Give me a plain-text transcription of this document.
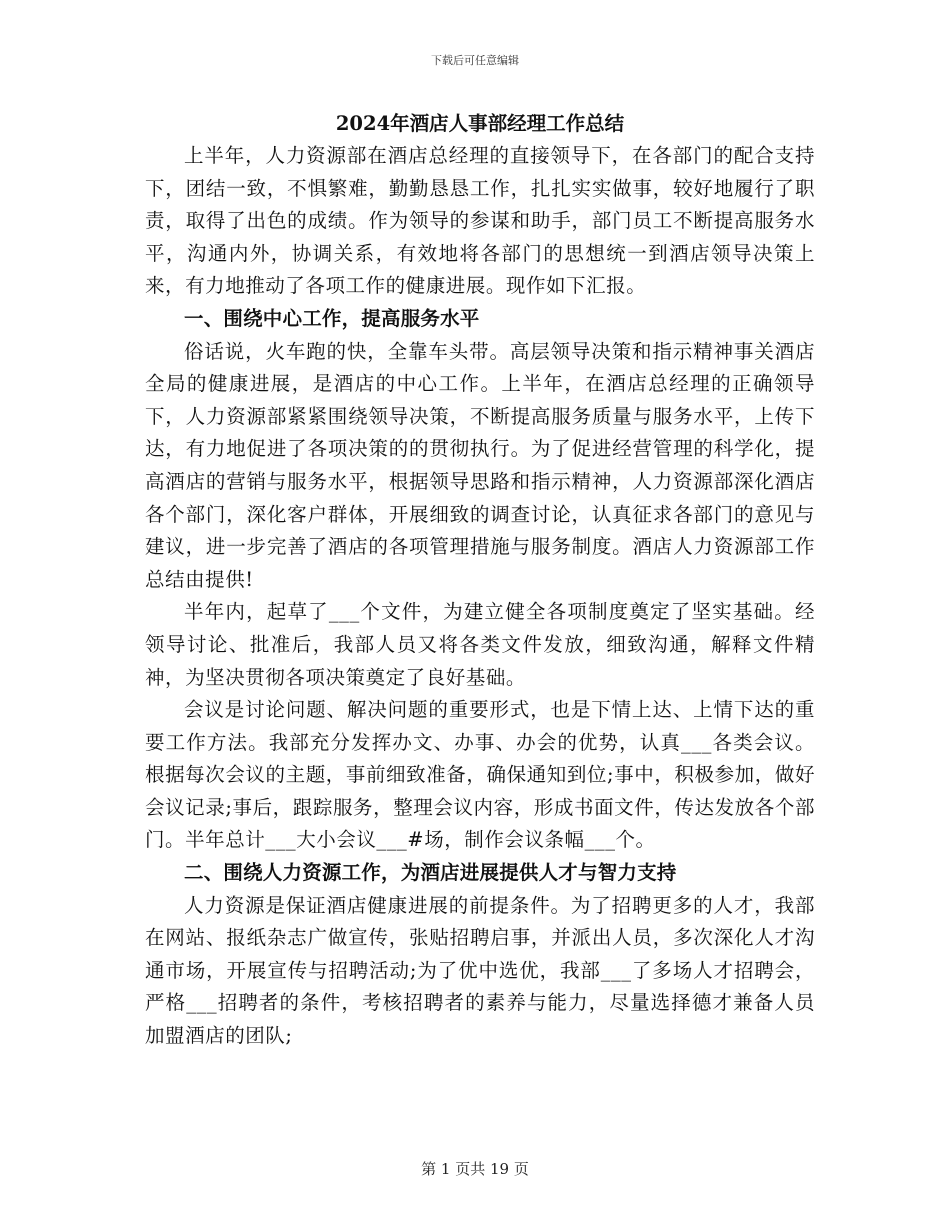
下载后可任意编辑
2024年酒店人事部经理工作总结

上半年，人力资源部在酒店总经理的直接领导下，在各部门的配合支持下，团结一致，不惧繁难，勤勤恳恳工作，扎扎实实做事，较好地履行了职责，取得了出色的成绩。作为领导的参谋和助手，部门员工不断提高服务水平，沟通内外，协调关系，有效地将各部门的思想统一到酒店领导决策上来，有力地推动了各项工作的健康进展。现作如下汇报。

一、围绕中心工作，提高服务水平

俗话说，火车跑的快，全靠车头带。高层领导决策和指示精神事关酒店全局的健康进展，是酒店的中心工作。上半年，在酒店总经理的正确领导下，人力资源部紧紧围绕领导决策，不断提高服务质量与服务水平，上传下达，有力地促进了各项决策的的贯彻执行。为了促进经营管理的科学化，提高酒店的营销与服务水平，根据领导思路和指示精神，人力资源部深化酒店各个部门，深化客户群体，开展细致的调查讨论，认真征求各部门的意见与建议，进一步完善了酒店的各项管理措施与服务制度。酒店人力资源部工作总结由提供!

半年内，起草了___个文件，为建立健全各项制度奠定了坚实基础。经领导讨论、批准后，我部人员又将各类文件发放，细致沟通，解释文件精神，为坚决贯彻各项决策奠定了良好基础。

会议是讨论问题、解决问题的重要形式，也是下情上达、上情下达的重要工作方法。我部充分发挥办文、办事、办会的优势，认真___各类会议。根据每次会议的主题，事前细致准备，确保通知到位;事中，积极参加，做好会议记录;事后，跟踪服务，整理会议内容，形成书面文件，传达发放各个部门。半年总计___大小会议___#场，制作会议条幅___个。

二、围绕人力资源工作，为酒店进展提供人才与智力支持

人力资源是保证酒店健康进展的前提条件。为了招聘更多的人才，我部在网站、报纸杂志广做宣传，张贴招聘启事，并派出人员，多次深化人才沟通市场，开展宣传与招聘活动;为了优中选优，我部___了多场人才招聘会，严格___招聘者的条件，考核招聘者的素养与能力，尽量选择德才兼备人员加盟酒店的团队;

第 1 页共 19 页
